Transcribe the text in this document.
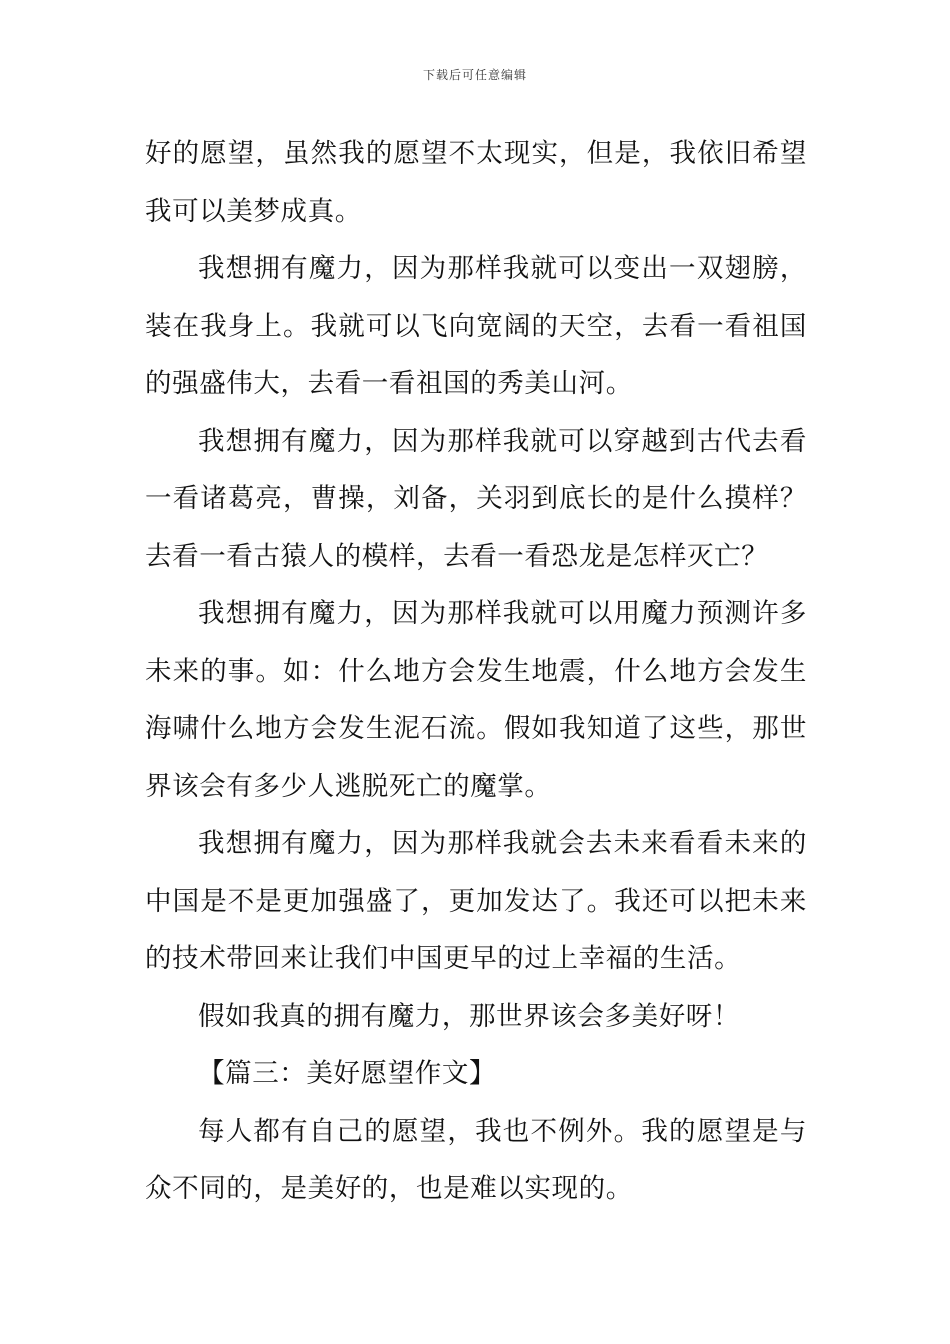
下载后可任意编辑

好的愿望，虽然我的愿望不太现实，但是，我依旧希望我可以美梦成真。

我想拥有魔力，因为那样我就可以变出一双翅膀，装在我身上。我就可以飞向宽阔的天空，去看一看祖国的强盛伟大，去看一看祖国的秀美山河。

我想拥有魔力，因为那样我就可以穿越到古代去看一看诸葛亮，曹操，刘备，关羽到底长的是什么摸样？去看一看古猿人的模样，去看一看恐龙是怎样灭亡？

我想拥有魔力，因为那样我就可以用魔力预测许多未来的事。如：什么地方会发生地震，什么地方会发生海啸什么地方会发生泥石流。假如我知道了这些，那世界该会有多少人逃脱死亡的魔掌。

我想拥有魔力，因为那样我就会去未来看看未来的中国是不是更加强盛了，更加发达了。我还可以把未来的技术带回来让我们中国更早的过上幸福的生活。

假如我真的拥有魔力，那世界该会多美好呀！

【篇三：美好愿望作文】

每人都有自己的愿望，我也不例外。我的愿望是与众不同的，是美好的，也是难以实现的。
